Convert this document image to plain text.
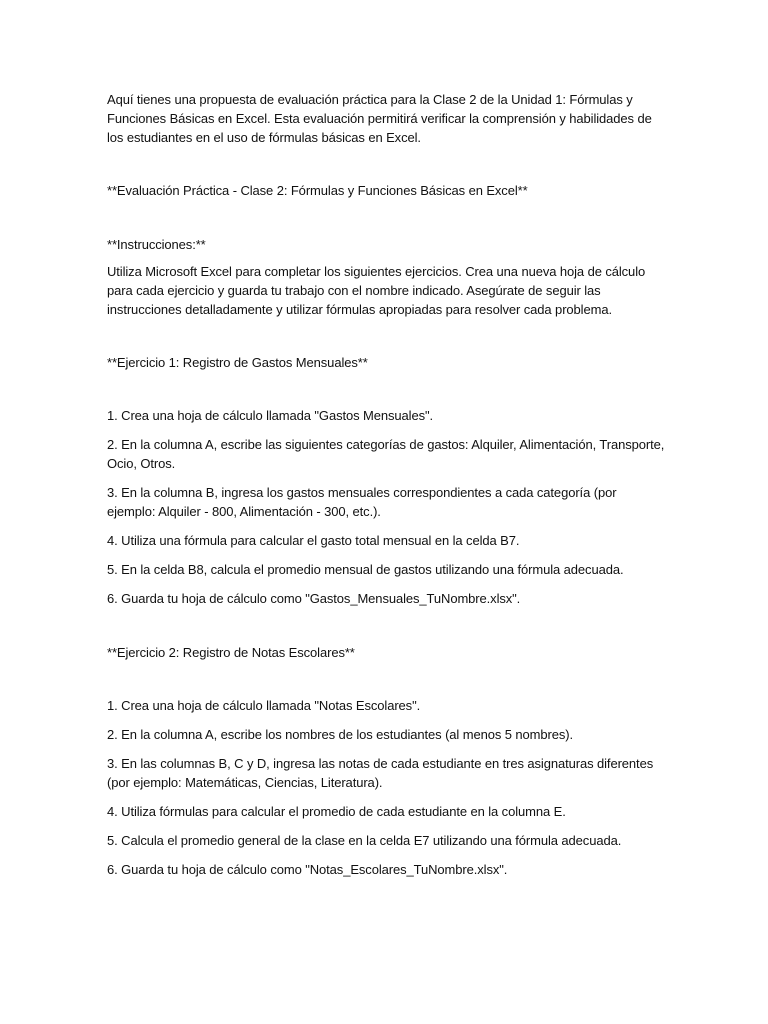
Aquí tienes una propuesta de evaluación práctica para la Clase 2 de la Unidad 1: Fórmulas y Funciones Básicas en Excel. Esta evaluación permitirá verificar la comprensión y habilidades de los estudiantes en el uso de fórmulas básicas en Excel.

**Evaluación Práctica - Clase 2: Fórmulas y Funciones Básicas en Excel**

**Instrucciones:**

Utiliza Microsoft Excel para completar los siguientes ejercicios. Crea una nueva hoja de cálculo para cada ejercicio y guarda tu trabajo con el nombre indicado. Asegúrate de seguir las instrucciones detalladamente y utilizar fórmulas apropiadas para resolver cada problema.

**Ejercicio 1: Registro de Gastos Mensuales**

1. Crea una hoja de cálculo llamada "Gastos Mensuales".
2. En la columna A, escribe las siguientes categorías de gastos: Alquiler, Alimentación, Transporte, Ocio, Otros.
3. En la columna B, ingresa los gastos mensuales correspondientes a cada categoría (por ejemplo: Alquiler - 800, Alimentación - 300, etc.).
4. Utiliza una fórmula para calcular el gasto total mensual en la celda B7.
5. En la celda B8, calcula el promedio mensual de gastos utilizando una fórmula adecuada.
6. Guarda tu hoja de cálculo como "Gastos_Mensuales_TuNombre.xlsx".

**Ejercicio 2: Registro de Notas Escolares**

1. Crea una hoja de cálculo llamada "Notas Escolares".
2. En la columna A, escribe los nombres de los estudiantes (al menos 5 nombres).
3. En las columnas B, C y D, ingresa las notas de cada estudiante en tres asignaturas diferentes (por ejemplo: Matemáticas, Ciencias, Literatura).
4. Utiliza fórmulas para calcular el promedio de cada estudiante en la columna E.
5. Calcula el promedio general de la clase en la celda E7 utilizando una fórmula adecuada.
6. Guarda tu hoja de cálculo como "Notas_Escolares_TuNombre.xlsx".
